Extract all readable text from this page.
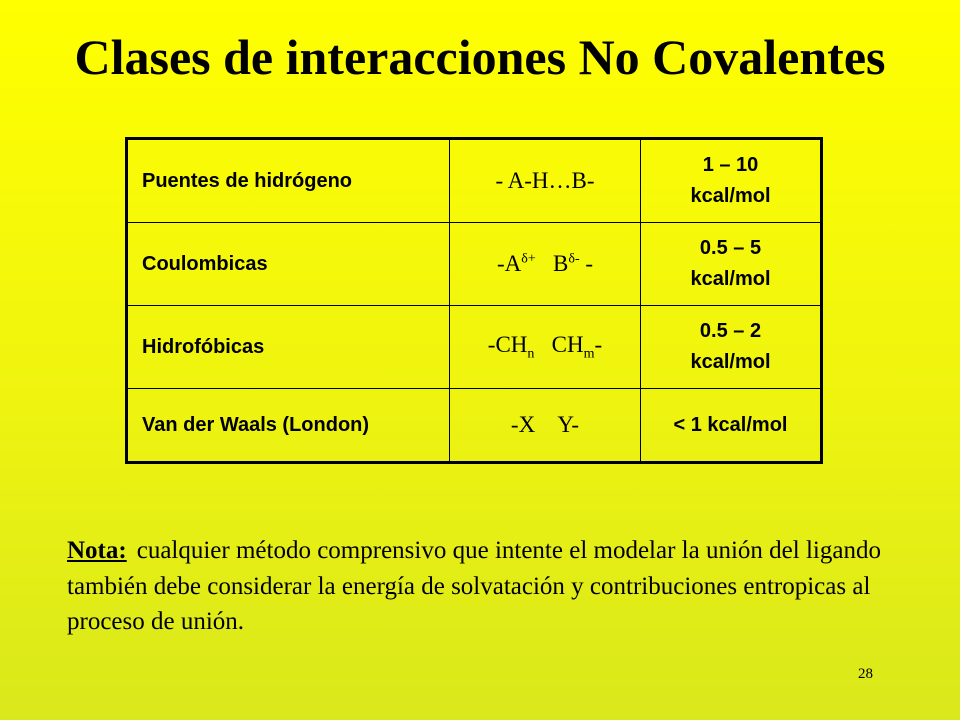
Clases de interacciones No Covalentes
Puentes de hidrógeno	- A-H…B-	1 – 10
kcal/mol
Coulombicas	$-A^{\delta+}$ $B^{\delta-}$ -	0.5 – 5
kcal/mol
Hidrofóbicas	$-CH_n$ $CH_m-$	0.5 – 2
kcal/mol
Van der Waals (London)	-X    Y-	< 1 kcal/mol
Nota: cualquier método comprensivo que intente el modelar la unión del ligando también debe considerar la energía de solvatación y contribuciones entropicas al proceso de unión.
28
